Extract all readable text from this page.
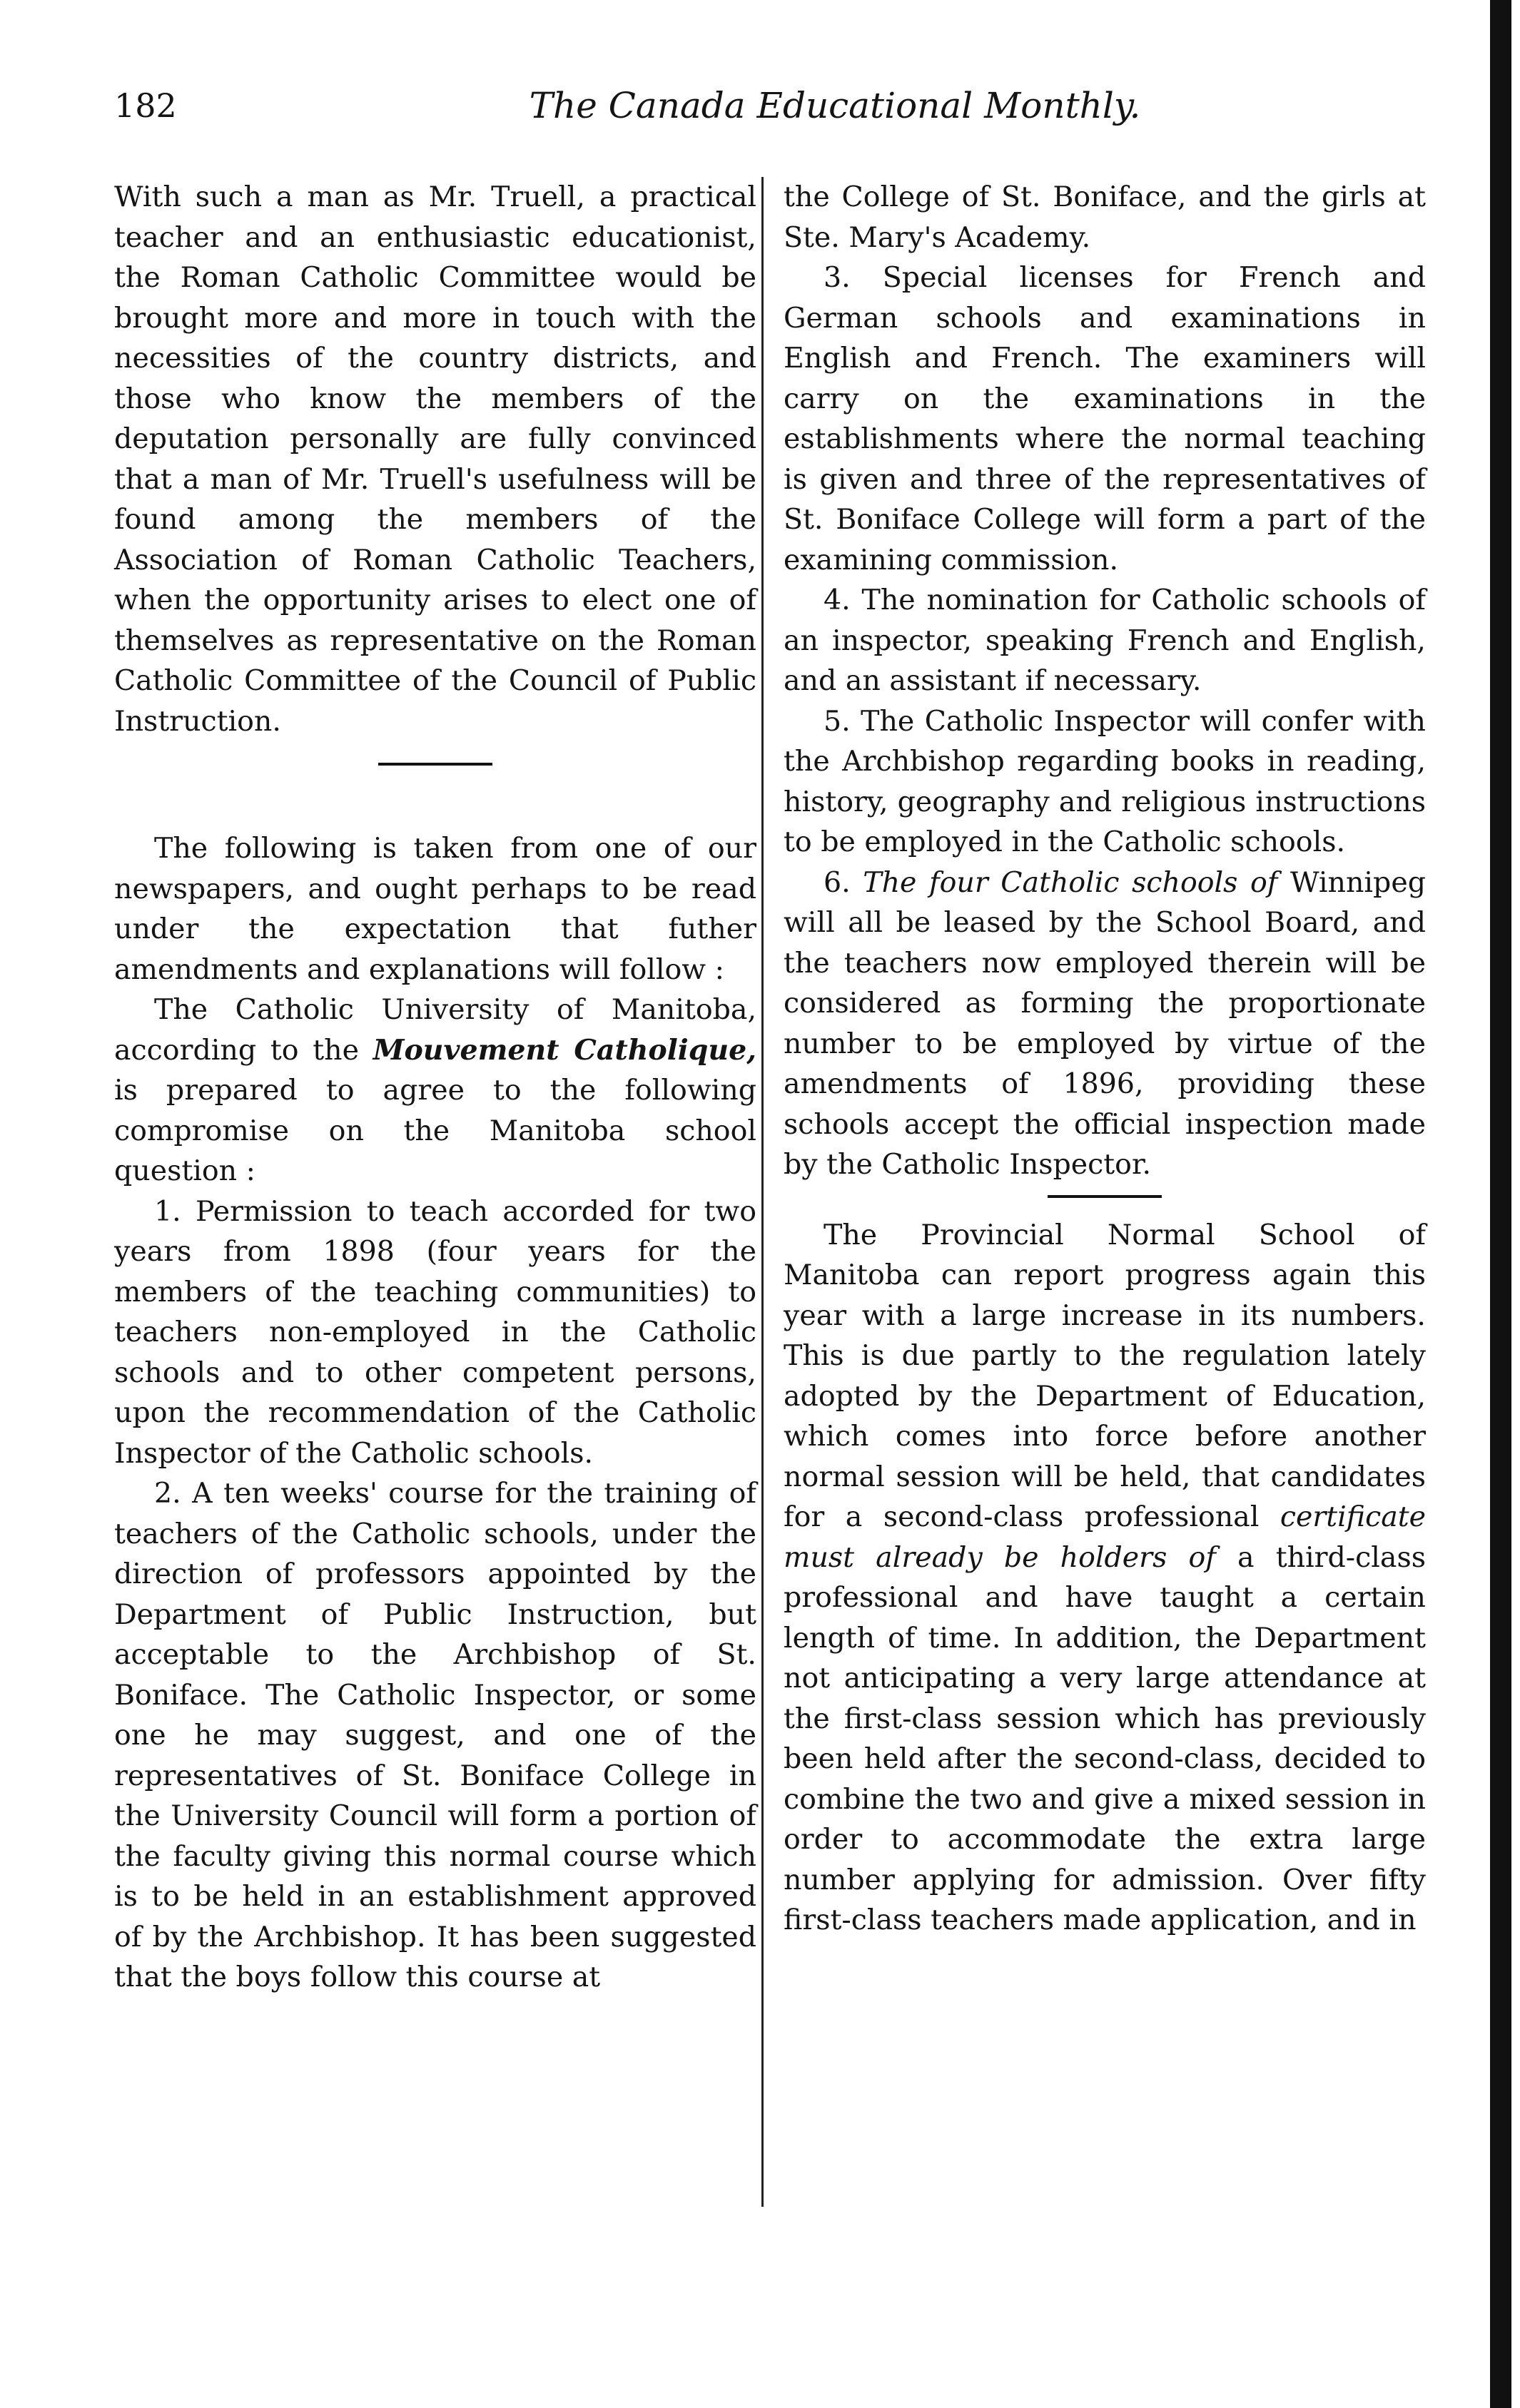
182	The Canada Educational Monthly.

With such a man as Mr. Truell, a practical teacher and an enthusiastic educationist, the Roman Catholic Committee would be brought more and more in touch with the necessities of the country districts, and those who know the members of the deputation personally are fully convinced that a man of Mr. Truell's usefulness will be found among the members of the Association of Roman Catholic Teachers, when the opportunity arises to elect one of themselves as representative on the Roman Catholic Committee of the Council of Public Instruction.

The following is taken from one of our newspapers, and ought perhaps to be read under the expectation that futher amendments and explanations will follow :

The Catholic University of Manitoba, according to the Mouvement Catholique, is prepared to agree to the following compromise on the Manitoba school question :

1. Permission to teach accorded for two years from 1898 (four years for the members of the teaching communities) to teachers non-employed in the Catholic schools and to other competent persons, upon the recommendation of the Catholic Inspector of the Catholic schools.

2. A ten weeks' course for the training of teachers of the Catholic schools, under the direction of professors appointed by the Department of Public Instruction, but acceptable to the Archbishop of St. Boniface. The Catholic Inspector, or some one he may suggest, and one of the representatives of St. Boniface College in the University Council will form a portion of the faculty giving this normal course which is to be held in an establishment approved of by the Archbishop. It has been suggested that the boys follow this course at

the College of St. Boniface, and the girls at Ste. Mary's Academy.

3. Special licenses for French and German schools and examinations in English and French. The examiners will carry on the examinations in the establishments where the normal teaching is given and three of the representatives of St. Boniface College will form a part of the examining commission.

4. The nomination for Catholic schools of an inspector, speaking French and English, and an assistant if necessary.

5. The Catholic Inspector will confer with the Archbishop regarding books in reading, history, geography and religious instructions to be employed in the Catholic schools.

6. The four Catholic schools of Winnipeg will all be leased by the School Board, and the teachers now employed therein will be considered as forming the proportionate number to be employed by virtue of the amendments of 1896, providing these schools accept the official inspection made by the Catholic Inspector.

The Provincial Normal School of Manitoba can report progress again this year with a large increase in its numbers. This is due partly to the regulation lately adopted by the Department of Education, which comes into force before another normal session will be held, that candidates for a second-class professional certificate must already be holders of a third-class professional and have taught a certain length of time. In addition, the Department not anticipating a very large attendance at the first-class session which has previously been held after the second-class, decided to combine the two and give a mixed session in order to accommodate the extra large number applying for admission. Over fifty first-class teachers made application, and in
